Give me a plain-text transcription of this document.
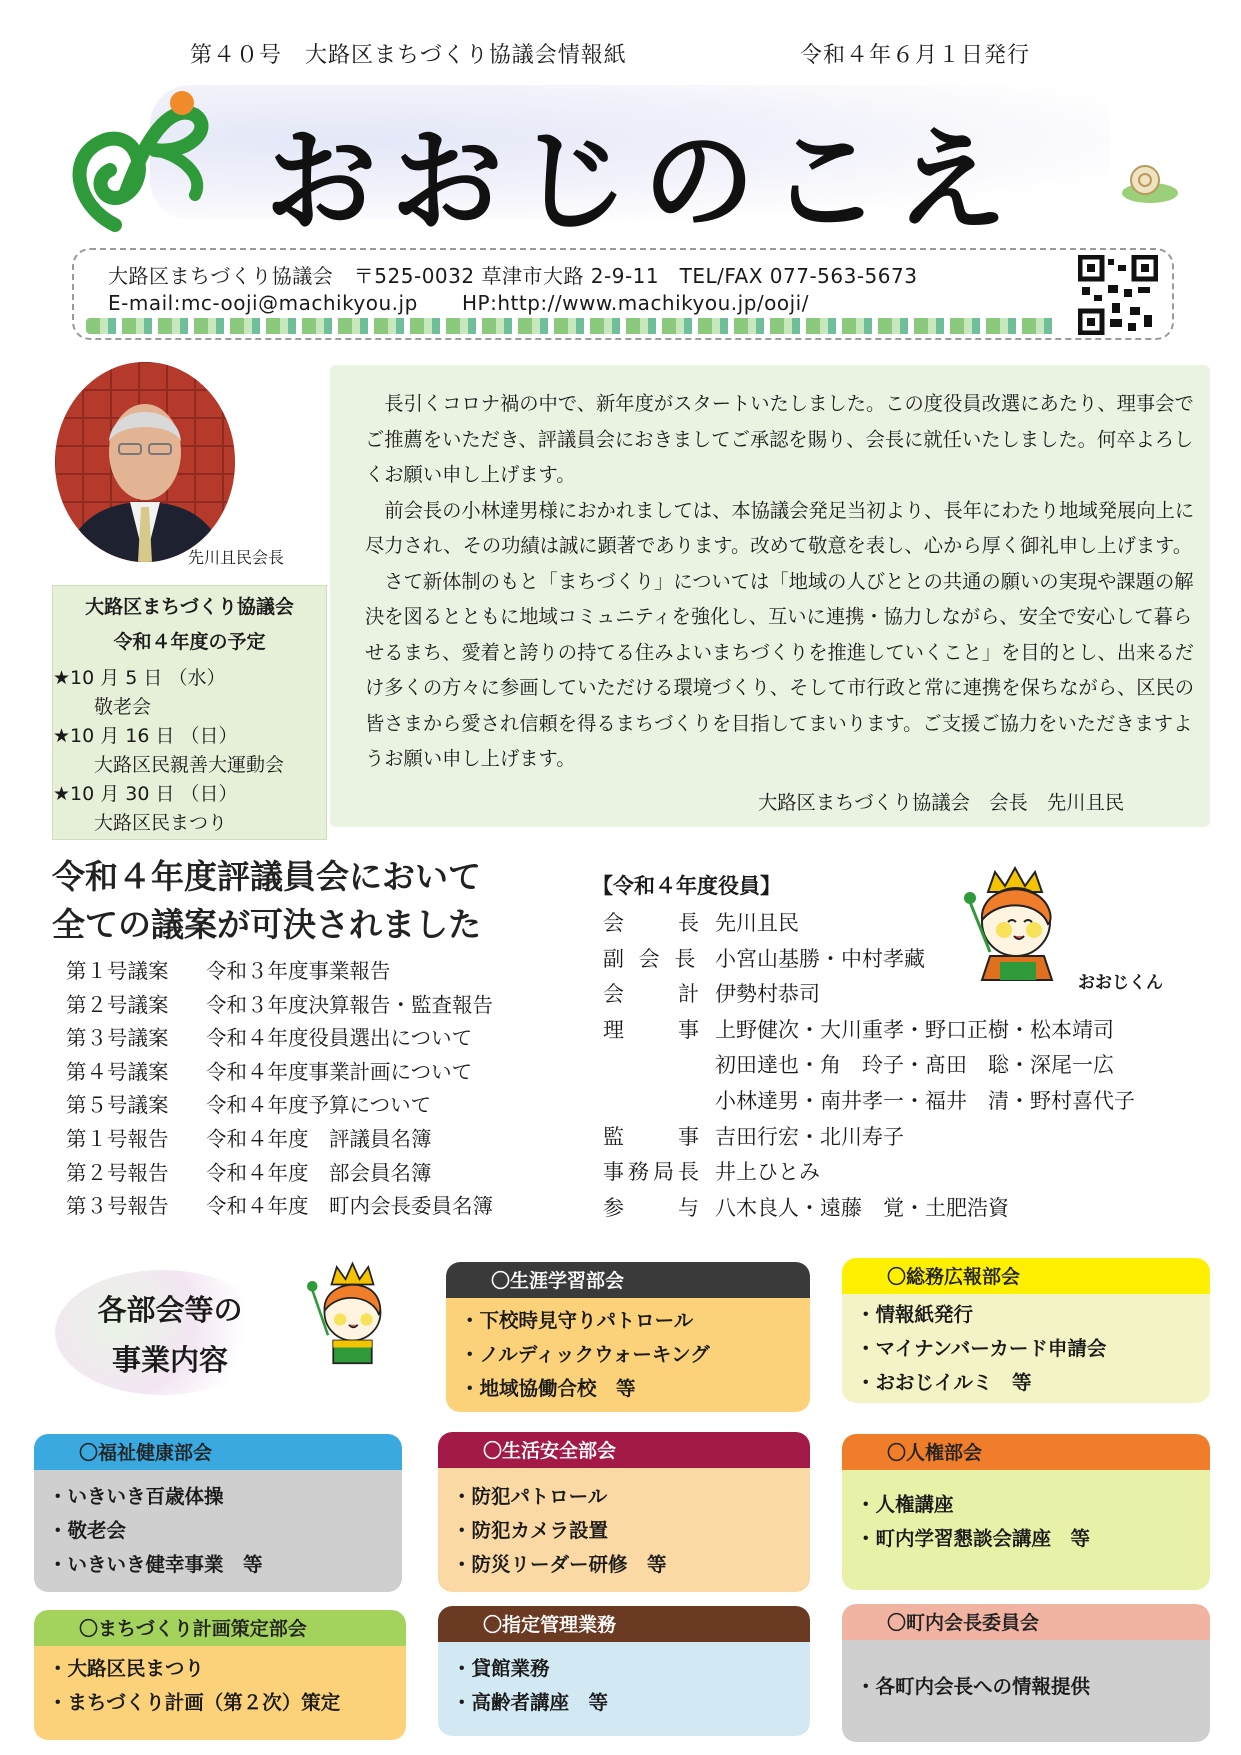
第４０号　大路区まちづくり協議会情報紙	令和４年６月１日発行
おおじのこえ
大路区まちづくり協議会　〒525-0032 草津市大路 2-9-11　TEL/FAX 077-563-5673
E-mail:mc-ooji@machikyou.jp HP:http://www.machikyou.jp/ooji/
先川且民会長
大路区まちづくり協議会
令和４年度の予定
★10 月 5 日 （水）
　敬老会
★10 月 16 日 （日）
　大路区民親善大運動会
★10 月 30 日 （日）
　大路区民まつり

長引くコロナ禍の中で、新年度がスタートいたしました。この度役員改選にあたり、理事会でご推薦をいただき、評議員会におきましてご承認を賜り、会長に就任いたしました。何卒よろしくお願い申し上げます。

前会長の小林達男様におかれましては、本協議会発足当初より、長年にわたり地域発展向上に尽力され、その功績は誠に顕著であります。改めて敬意を表し、心から厚く御礼申し上げます。

さて新体制のもと「まちづくり」については「地域の人びととの共通の願いの実現や課題の解決を図るとともに地域コミュニティを強化し、互いに連携・協力しながら、安全で安心して暮らせるまち、愛着と誇りの持てる住みよいまちづくりを推進していくこと」を目的とし、出来るだけ多くの方々に参画していただける環境づくり、そして市行政と常に連携を保ちながら、区民の皆さまから愛され信頼を得るまちづくりを目指してまいります。ご支援ご協力をいただきますようお願い申し上げます。

大路区まちづくり協議会　会長　先川且民
令和４年度評議員会において
全ての議案が可決されました
第１号議案 令和３年度事業報告
第２号議案 令和３年度決算報告・監査報告
第３号議案 令和４年度役員選出について
第４号議案 令和４年度事業計画について
第５号議案 令和４年度予算について
第１号報告 令和４年度　評議員名簿
第２号報告 令和４年度　部会員名簿
第３号報告 令和４年度　町内会長委員名簿
【令和４年度役員】
会　　長 先川且民
副 会 長 小宮山基勝・中村孝藏
会　　計 伊勢村恭司
理　　事 上野健次・大川重孝・野口正樹・松本靖司
初田達也・角　玲子・髙田　聡・深尾一広
小林達男・南井孝一・福井　清・野村喜代子
監　　事 吉田行宏・北川寿子
事務局長 井上ひとみ
参　　与 八木良人・遠藤　覚・土肥浩資
おおじくん
各部会等の
事業内容
〇生涯学習部会
・下校時見守りパトロール
・ノルディックウォーキング
・地域協働合校　等
〇総務広報部会
・情報紙発行
・マイナンバーカード申請会
・おおじイルミ　等
〇福祉健康部会
・いきいき百歳体操
・敬老会
・いきいき健幸事業　等
〇生活安全部会
・防犯パトロール
・防犯カメラ設置
・防災リーダー研修　等
〇人権部会
・人権講座
・町内学習懇談会講座　等
〇まちづくり計画策定部会
・大路区民まつり
・まちづくり計画（第２次）策定
〇指定管理業務
・貸館業務
・高齢者講座　等
〇町内会長委員会
・各町内会長への情報提供
